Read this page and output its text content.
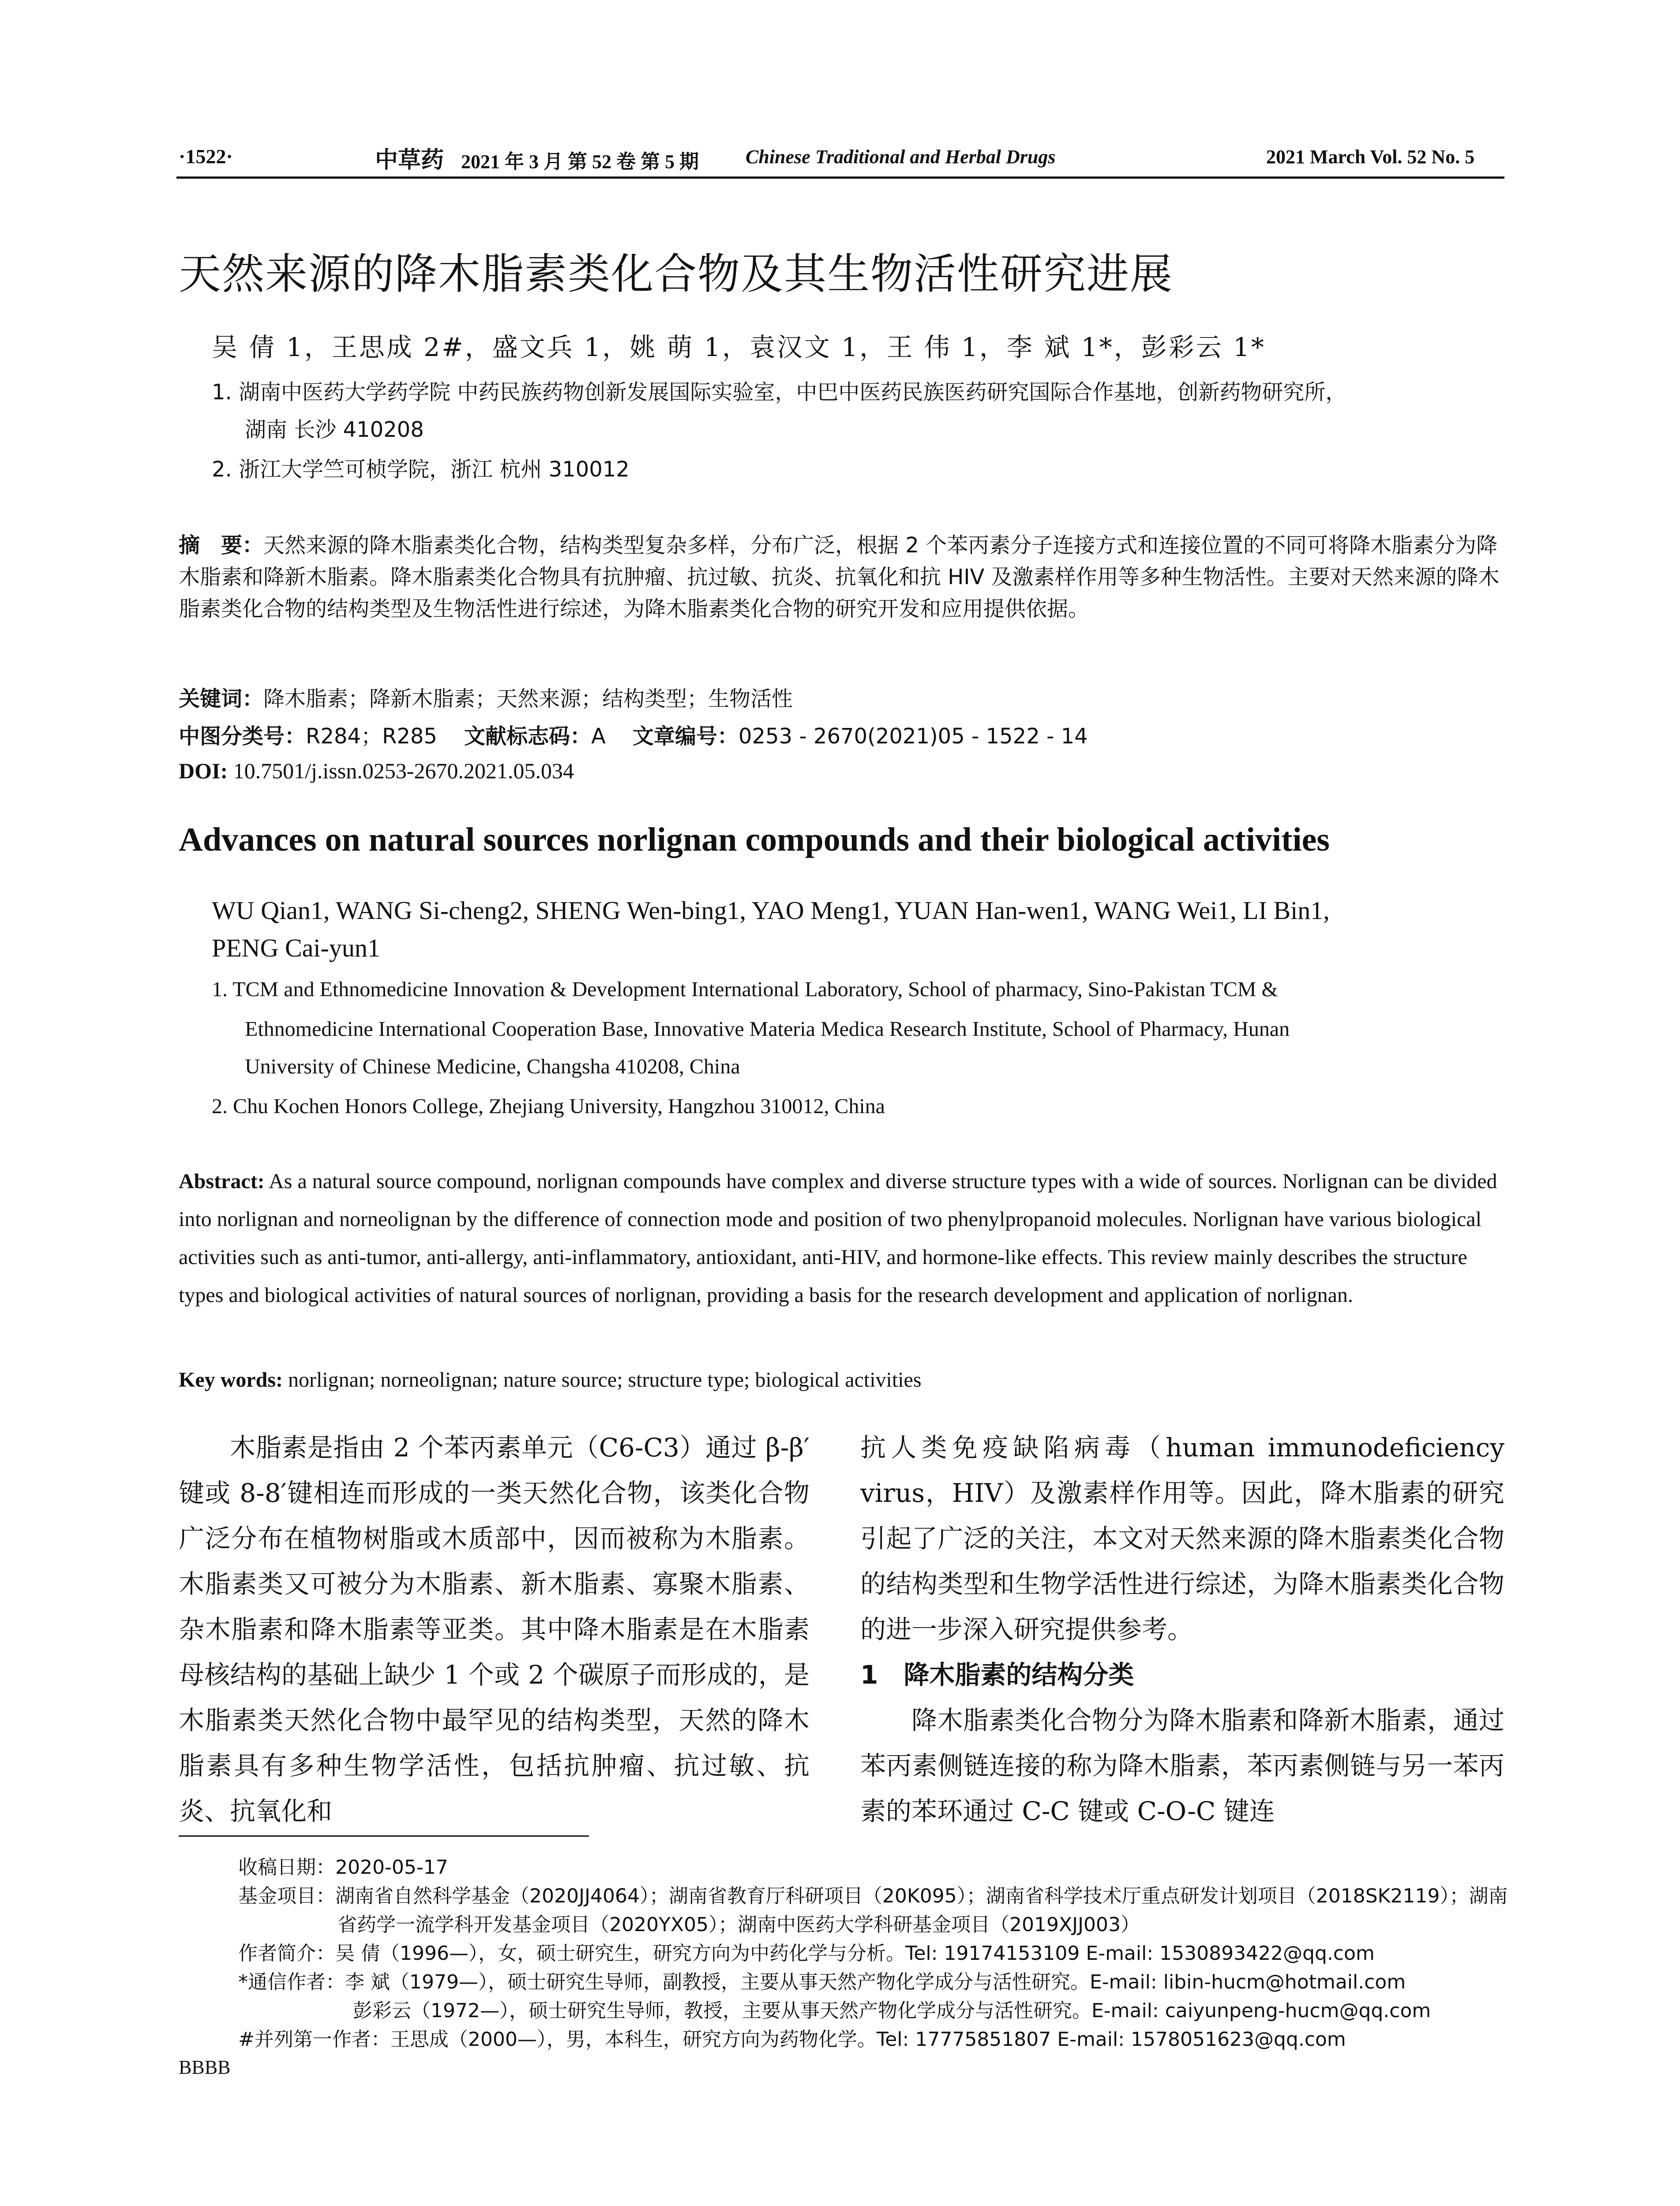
·1522·	中草药 2021 年 3 月 第 52 卷 第 5 期 Chinese Traditional and Herbal Drugs	2021 March Vol. 52 No. 5
天然来源的降木脂素类化合物及其生物活性研究进展
吴 倩 1，王思成 2#，盛文兵 1，姚 萌 1，袁汉文 1，王 伟 1，李 斌 1*，彭彩云 1*
1. 湖南中医药大学药学院 中药民族药物创新发展国际实验室，中巴中医药民族医药研究国际合作基地，创新药物研究所，
湖南 长沙 410208
2. 浙江大学竺可桢学院，浙江 杭州 310012

摘　要：天然来源的降木脂素类化合物，结构类型复杂多样，分布广泛，根据 2 个苯丙素分子连接方式和连接位置的不同可将降木脂素分为降木脂素和降新木脂素。降木脂素类化合物具有抗肿瘤、抗过敏、抗炎、抗氧化和抗 HIV 及激素样作用等多种生物活性。主要对天然来源的降木脂素类化合物的结构类型及生物活性进行综述，为降木脂素类化合物的研究开发和应用提供依据。

关键词：降木脂素；降新木脂素；天然来源；结构类型；生物活性
中图分类号：R284；R285 文献标志码：A 文章编号：0253 - 2670(2021)05 - 1522 - 14
DOI: 10.7501/j.issn.0253-2670.2021.05.034
Advances on natural sources norlignan compounds and their biological activities
WU Qian1, WANG Si-cheng2, SHENG Wen-bing1, YAO Meng1, YUAN Han-wen1, WANG Wei1, LI Bin1,
PENG Cai-yun1
1. TCM and Ethnomedicine Innovation & Development International Laboratory, School of pharmacy, Sino-Pakistan TCM &
Ethnomedicine International Cooperation Base, Innovative Materia Medica Research Institute, School of Pharmacy, Hunan
University of Chinese Medicine, Changsha 410208, China
2. Chu Kochen Honors College, Zhejiang University, Hangzhou 310012, China
Abstract: As a natural source compound, norlignan compounds have complex and diverse structure types with a wide of sources. Norlignan can be divided into norlignan and norneolignan by the difference of connection mode and position of two phenylpropanoid molecules. Norlignan have various biological activities such as anti-tumor, anti-allergy, anti-inflammatory, antioxidant, anti-HIV, and hormone-like effects. This review mainly describes the structure types and biological activities of natural sources of norlignan, providing a basis for the research development and application of norlignan.
Key words: norlignan; norneolignan; nature source; structure type; biological activities

木脂素是指由 2 个苯丙素单元（C6-C3）通过 β-β′键或 8-8′键相连而形成的一类天然化合物，该类化合物广泛分布在植物树脂或木质部中，因而被称为木脂素。木脂素类又可被分为木脂素、新木脂素、寡聚木脂素、杂木脂素和降木脂素等亚类。其中降木脂素是在木脂素母核结构的基础上缺少 1 个或 2 个碳原子而形成的，是木脂素类天然化合物中最罕见的结构类型，天然的降木脂素具有多种生物学活性，包括抗肿瘤、抗过敏、抗炎、抗氧化和

抗人类免疫缺陷病毒（human immunodeficiency virus，HIV）及激素样作用等。因此，降木脂素的研究引起了广泛的关注，本文对天然来源的降木脂素类化合物的结构类型和生物学活性进行综述，为降木脂素类化合物的进一步深入研究提供参考。

1　降木脂素的结构分类

降木脂素类化合物分为降木脂素和降新木脂素，通过苯丙素侧链连接的称为降木脂素，苯丙素侧链与另一苯丙素的苯环通过 C-C 键或 C-O-C 键连

收稿日期：2020-05-17
基金项目：湖南省自然科学基金（2020JJ4064）；湖南省教育厅科研项目（20K095）；湖南省科学技术厅重点研发计划项目（2018SK2119）；湖南
省药学一流学科开发基金项目（2020YX05）；湖南中医药大学科研基金项目（2019XJJ003）
作者简介：吴 倩（1996—），女，硕士研究生，研究方向为中药化学与分析。Tel: 19174153109 E-mail: 1530893422@qq.com
*通信作者：李 斌（1979—），硕士研究生导师，副教授，主要从事天然产物化学成分与活性研究。E-mail: libin-hucm@hotmail.com
彭彩云（1972—），硕士研究生导师，教授，主要从事天然产物化学成分与活性研究。E-mail: caiyunpeng-hucm@qq.com
#并列第一作者：王思成（2000—），男，本科生，研究方向为药物化学。Tel: 17775851807 E-mail: 1578051623@qq.com
BBBB
